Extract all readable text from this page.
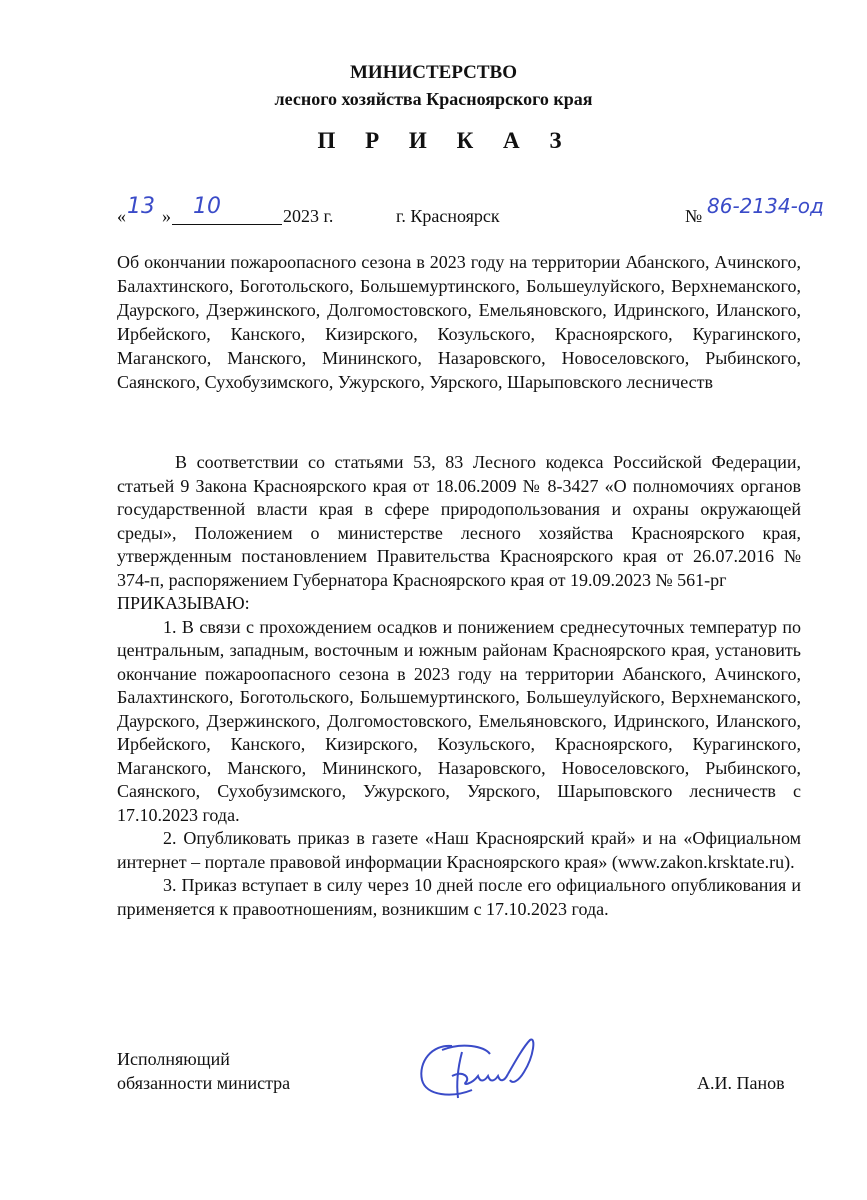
МИНИСТЕРСТВО
лесного хозяйства Красноярского края
П Р И К А З
« 13 » 10	2023 г.	г. Красноярск	№ 86-2134-од
Об окончании пожароопасного сезона в 2023 году на территории Абанского, Ачинского, Балахтинского, Боготольского, Большемуртинского, Большеулуйского, Верхнеманского, Даурского, Дзержинского, Долгомостовского, Емельяновского, Идринского, Иланского, Ирбейского, Канского, Кизирского, Козульского, Красноярского, Курагинского, Маганского, Манского, Мининского, Назаровского, Новоселовского, Рыбинского, Саянского, Сухобузимского, Ужурского, Уярского, Шарыповского лесничеств

В соответствии со статьями 53, 83 Лесного кодекса Российской Федерации, статьей 9 Закона Красноярского края от 18.06.2009 № 8-3427 «О полномочиях органов государственной власти края в сфере природопользования и охраны окружающей среды», Положением о министерстве лесного хозяйства Красноярского края, утвержденным постановлением Правительства Красноярского края от 26.07.2016 № 374-п, распоряжением Губернатора Красноярского края от 19.09.2023 № 561-рг

ПРИКАЗЫВАЮ:

1. В связи с прохождением осадков и понижением среднесуточных температур по центральным, западным, восточным и южным районам Красноярского края, установить окончание пожароопасного сезона в 2023 году на территории Абанского, Ачинского, Балахтинского, Боготольского, Большемуртинского, Большеулуйского, Верхнеманского, Даурского, Дзержинского, Долгомостовского, Емельяновского, Идринского, Иланского, Ирбейского, Канского, Кизирского, Козульского, Красноярского, Курагинского, Маганского, Манского, Мининского, Назаровского, Новоселовского, Рыбинского, Саянского, Сухобузимского, Ужурского, Уярского, Шарыповского лесничеств с 17.10.2023 года.

2. Опубликовать приказ в газете «Наш Красноярский край» и на «Официальном интернет – портале правовой информации Красноярского края» (www.zakon.krsktate.ru).

3. Приказ вступает в силу через 10 дней после его официального опубликования и применяется к правоотношениям, возникшим с 17.10.2023 года.

Исполняющий
обязанности министра	А.И. Панов
